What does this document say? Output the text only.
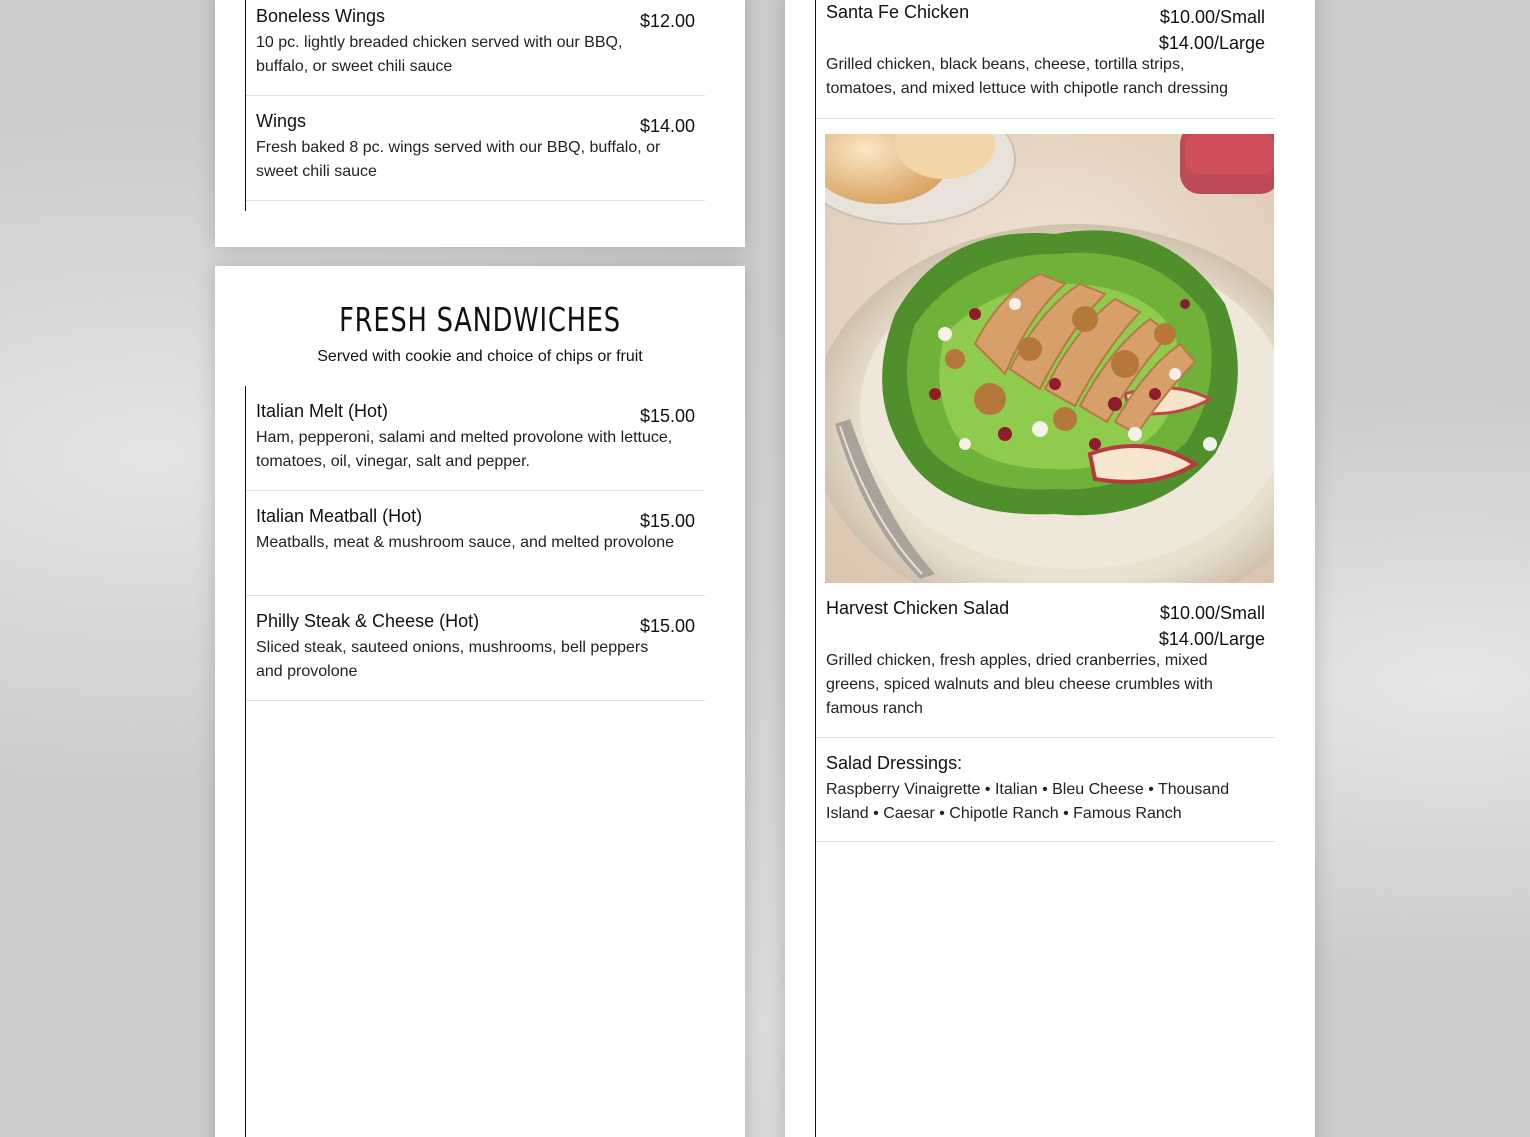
Boneless Wings	$12.00
10 pc. lightly breaded chicken served with our BBQ, buffalo, or sweet chili sauce
Wings	$14.00
Fresh baked 8 pc. wings served with our BBQ, buffalo, or sweet chili sauce
FRESH SANDWICHES
Served with cookie and choice of chips or fruit
Italian Melt (Hot)	$15.00
Ham, pepperoni, salami and melted provolone with lettuce, tomatoes, oil, vinegar, salt and pepper.
Italian Meatball (Hot)	$15.00
Meatballs, meat & mushroom sauce, and melted provolone
Philly Steak & Cheese (Hot)	$15.00
Sliced steak, sauteed onions, mushrooms, bell peppers and provolone
Santa Fe Chicken	$10.00/Small
$14.00/Large
Grilled chicken, black beans, cheese, tortilla strips, tomatoes, and mixed lettuce with chipotle ranch dressing
Harvest Chicken Salad	$10.00/Small
$14.00/Large
Grilled chicken, fresh apples, dried cranberries, mixed greens, spiced walnuts and bleu cheese crumbles with famous ranch
Salad Dressings:
Raspberry Vinaigrette • Italian • Bleu Cheese • Thousand Island • Caesar • Chipotle Ranch • Famous Ranch
